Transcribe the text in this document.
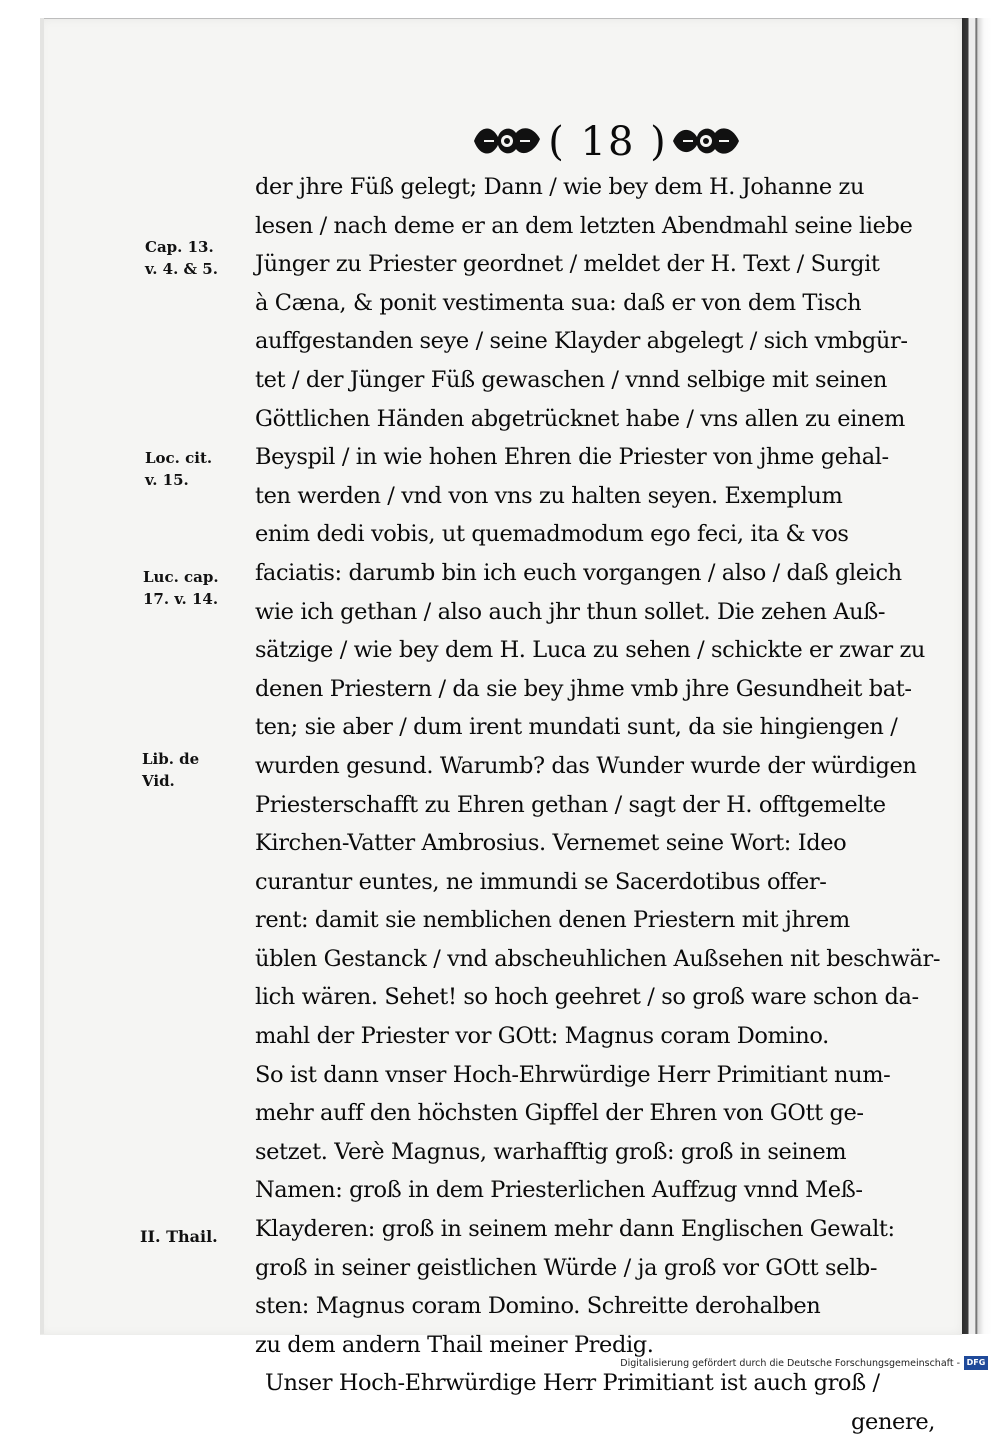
( 18 )
Cap. 13.
v. 4. & 5.
Loc. cit.
v. 15.
Luc. cap.
17. v. 14.
Lib. de
Vid.
II. Thail.
der jhre Füß gelegt; Dann / wie bey dem H. Johanne zu
lesen / nach deme er an dem letzten Abendmahl seine liebe
Jünger zu Priester geordnet / meldet der H. Text / Surgit
à Cæna, & ponit vestimenta sua: daß er von dem Tisch
auffgestanden seye / seine Klayder abgelegt / sich vmbgür-
tet / der Jünger Füß gewaschen / vnnd selbige mit seinen
Göttlichen Händen abgetrücknet habe / vns allen zu einem
Beyspil / in wie hohen Ehren die Priester von jhme gehal-
ten werden / vnd von vns zu halten seyen. Exemplum
enim dedi vobis, ut quemadmodum ego feci, ita & vos
faciatis: darumb bin ich euch vorgangen / also / daß gleich
wie ich gethan / also auch jhr thun sollet. Die zehen Auß-
sätzige / wie bey dem H. Luca zu sehen / schickte er zwar zu
denen Priestern / da sie bey jhme vmb jhre Gesundheit bat-
ten; sie aber / dum irent mundati sunt, da sie hingiengen /
wurden gesund. Warumb? das Wunder wurde der würdigen
Priesterschafft zu Ehren gethan / sagt der H. offtgemelte
Kirchen-Vatter Ambrosius. Vernemet seine Wort: Ideo
curantur euntes, ne immundi se Sacerdotibus offer-
rent: damit sie nemblichen denen Priestern mit jhrem
üblen Gestanck / vnd abscheuhlichen Außsehen nit beschwär-
lich wären. Sehet! so hoch geehret / so groß ware schon da-
mahl der Priester vor GOtt: Magnus coram Domino.
So ist dann vnser Hoch-Ehrwürdige Herr Primitiant num-
mehr auff den höchsten Gipffel der Ehren von GOtt ge-
setzet. Verè Magnus, warhafftig groß: groß in seinem
Namen: groß in dem Priesterlichen Auffzug vnnd Meß-
Klayderen: groß in seinem mehr dann Englischen Gewalt:
groß in seiner geistlichen Würde / ja groß vor GOtt selb-
sten: Magnus coram Domino. Schreitte derohalben
zu dem andern Thail meiner Predig.
Unser Hoch-Ehrwürdige Herr Primitiant ist auch groß /
genere,
Digitalisierung gefördert durch die Deutsche Forschungsgemeinschaft - DFG
